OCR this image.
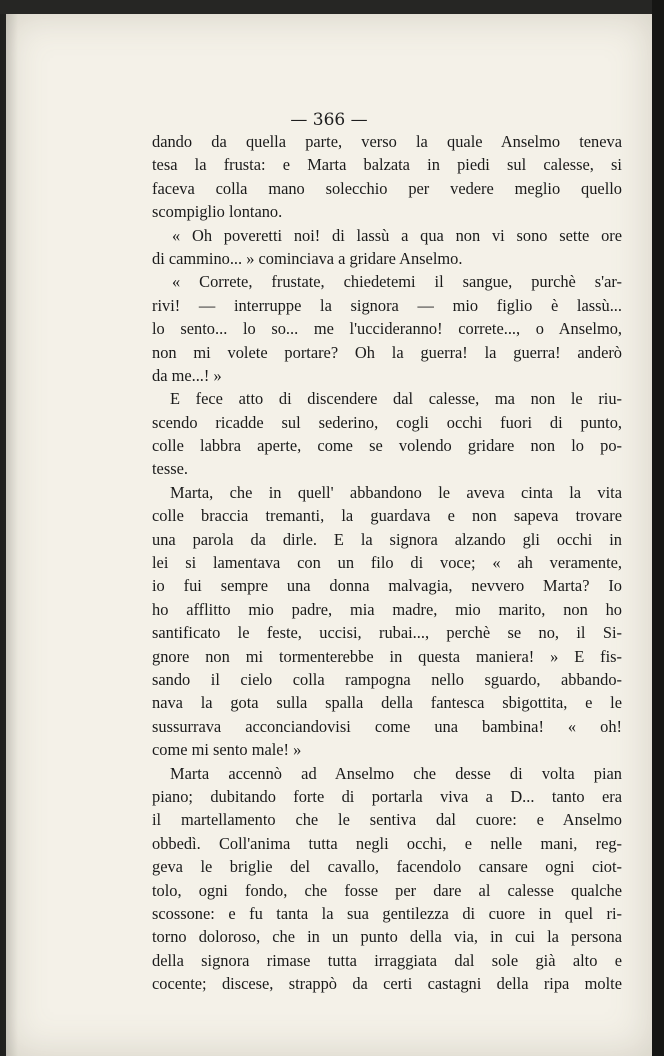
— 366 —
dando da quella parte, verso la quale Anselmo teneva
tesa la frusta: e Marta balzata in piedi sul calesse, si
faceva colla mano solecchio per vedere meglio quello
scompiglio lontano.
« Oh poveretti noi! di lassù a qua non vi sono sette ore
di cammino... » cominciava a gridare Anselmo.
« Correte, frustate, chiedetemi il sangue, purchè s'ar-
rivi! — interruppe la signora — mio figlio è lassù...
lo sento... lo so... me l'uccideranno! correte..., o Anselmo,
non mi volete portare? Oh la guerra! la guerra! anderò
da me...! »
E fece atto di discendere dal calesse, ma non le riu-
scendo ricadde sul sederino, cogli occhi fuori di punto,
colle labbra aperte, come se volendo gridare non lo po-
tesse.
Marta, che in quell' abbandono le aveva cinta la vita
colle braccia tremanti, la guardava e non sapeva trovare
una parola da dirle. E la signora alzando gli occhi in
lei si lamentava con un filo di voce; « ah veramente,
io fui sempre una donna malvagia, nevvero Marta? Io
ho afflitto mio padre, mia madre, mio marito, non ho
santificato le feste, uccisi, rubai..., perchè se no, il Si-
gnore non mi tormenterebbe in questa maniera! » E fis-
sando il cielo colla rampogna nello sguardo, abbando-
nava la gota sulla spalla della fantesca sbigottita, e le
sussurrava acconciandovisi come una bambina! « oh!
come mi sento male! »
Marta accennò ad Anselmo che desse di volta pian
piano; dubitando forte di portarla viva a D... tanto era
il martellamento che le sentiva dal cuore: e Anselmo
obbedì. Coll'anima tutta negli occhi, e nelle mani, reg-
geva le briglie del cavallo, facendolo cansare ogni ciot-
tolo, ogni fondo, che fosse per dare al calesse qualche
scossone: e fu tanta la sua gentilezza di cuore in quel ri-
torno doloroso, che in un punto della via, in cui la persona
della signora rimase tutta irraggiata dal sole già alto e
cocente; discese, strappò da certi castagni della ripa molte
